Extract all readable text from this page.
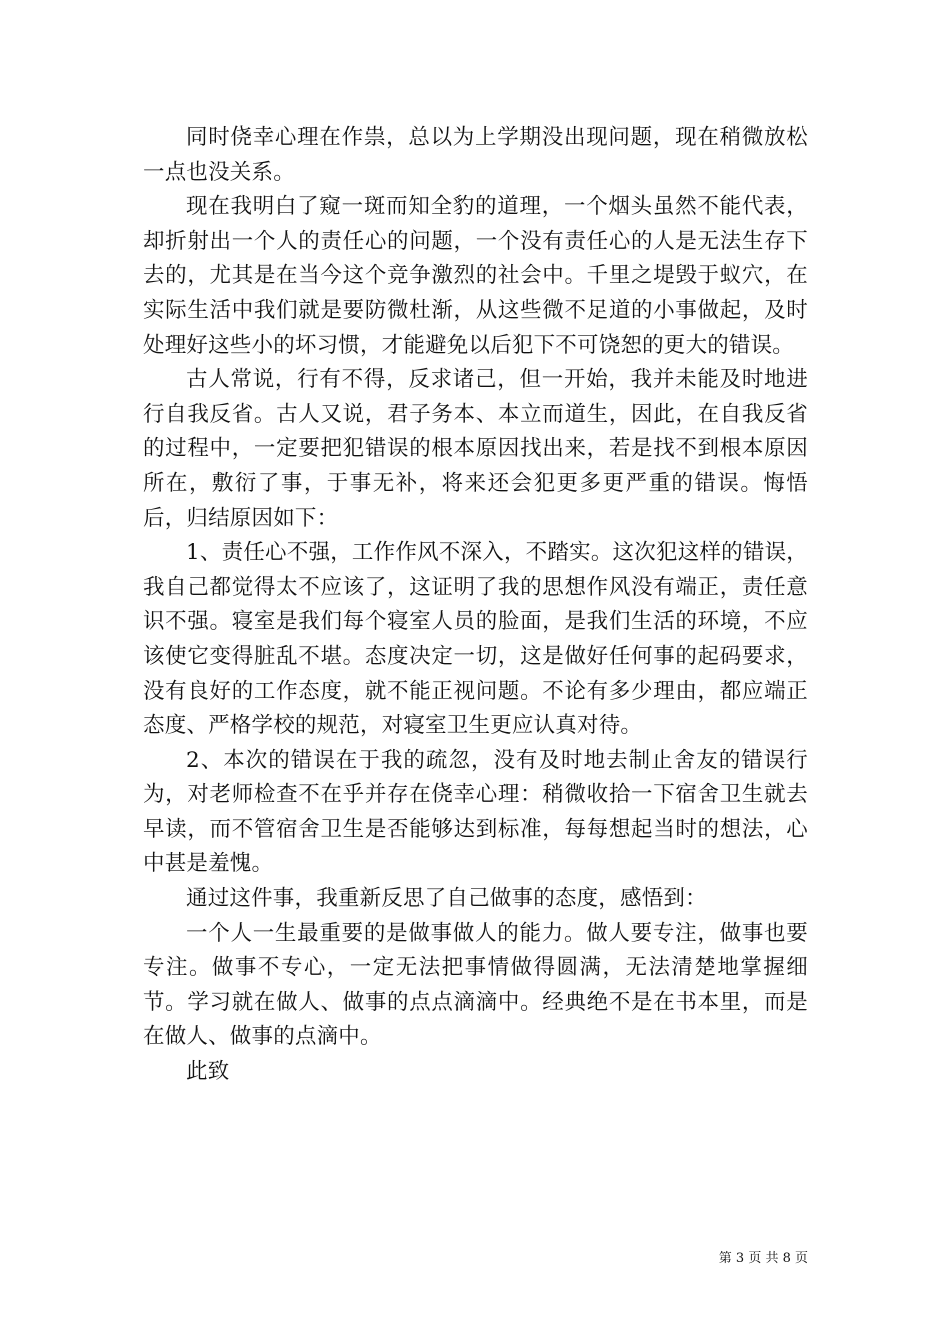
同时侥幸心理在作祟，总以为上学期没出现问题，现在稍微放松一点也没关系。

现在我明白了窥一斑而知全豹的道理，一个烟头虽然不能代表，却折射出一个人的责任心的问题，一个没有责任心的人是无法生存下去的，尤其是在当今这个竞争激烈的社会中。千里之堤毁于蚁穴，在实际生活中我们就是要防微杜渐，从这些微不足道的小事做起，及时处理好这些小的坏习惯，才能避免以后犯下不可饶恕的更大的错误。

古人常说，行有不得，反求诸己，但一开始，我并未能及时地进行自我反省。古人又说，君子务本、本立而道生，因此，在自我反省的过程中，一定要把犯错误的根本原因找出来，若是找不到根本原因所在，敷衍了事，于事无补，将来还会犯更多更严重的错误。悔悟后，归结原因如下：

1、责任心不强，工作作风不深入，不踏实。这次犯这样的错误，我自己都觉得太不应该了，这证明了我的思想作风没有端正，责任意识不强。寝室是我们每个寝室人员的脸面，是我们生活的环境，不应该使它变得脏乱不堪。态度决定一切，这是做好任何事的起码要求，没有良好的工作态度，就不能正视问题。不论有多少理由，都应端正态度、严格学校的规范，对寝室卫生更应认真对待。

2、本次的错误在于我的疏忽，没有及时地去制止舍友的错误行为，对老师检查不在乎并存在侥幸心理：稍微收拾一下宿舍卫生就去早读，而不管宿舍卫生是否能够达到标准，每每想起当时的想法，心中甚是羞愧。

通过这件事，我重新反思了自己做事的态度，感悟到：

一个人一生最重要的是做事做人的能力。做人要专注，做事也要专注。做事不专心，一定无法把事情做得圆满，无法清楚地掌握细节。学习就在做人、做事的点点滴滴中。经典绝不是在书本里，而是在做人、做事的点滴中。

此致

第 3 页 共 8 页
